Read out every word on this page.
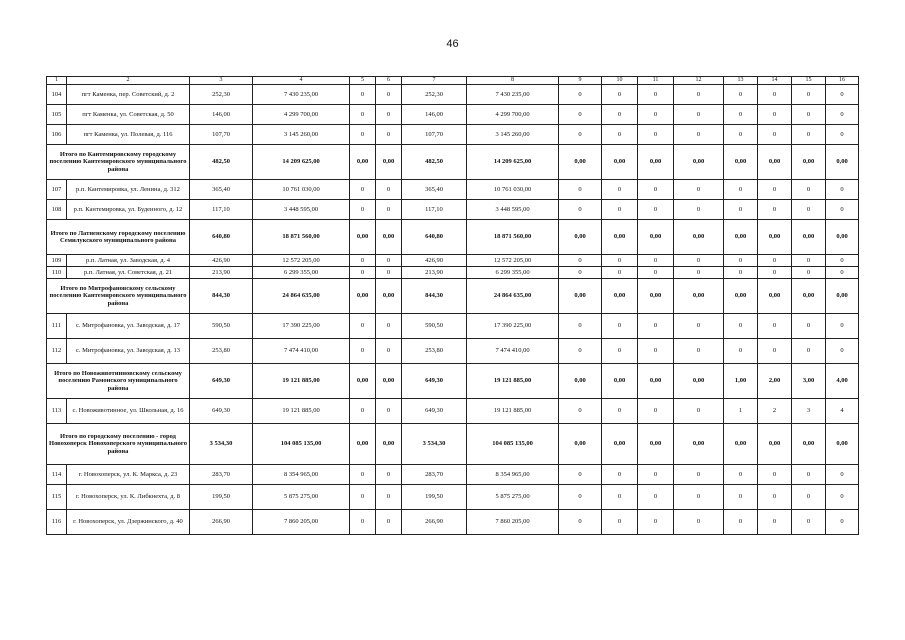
46
1	2	3	4	5	6	7	8	9	10	11	12	13	14	15	16
104	пгт Каменка, пер. Советский, д. 2	252,30	7 430 235,00	0	0	252,30	7 430 235,00	0	0	0	0	0	0	0	0
105	пгт Каменка, ул. Советская, д. 50	146,00	4 299 700,00	0	0	146,00	4 299 700,00	0	0	0	0	0	0	0	0
106	пгт Каменка, ул. Полевая, д. 116	107,70	3 145 260,00	0	0	107,70	3 145 260,00	0	0	0	0	0	0	0	0
Итого по Кантемировскому городскому поселению Кантемировского муниципального района		482,50	14 209 625,00	0,00	0,00	482,50	14 209 625,00	0,00	0,00	0,00	0,00	0,00	0,00	0,00	0,00
107	р.п. Кантемировка, ул. Ленина, д. 312	365,40	10 761 030,00	0	0	365,40	10 761 030,00	0	0	0	0	0	0	0	0
108	р.п. Кантемировка, ул. Буденного, д. 12	117,10	3 448 595,00	0	0	117,10	3 448 595,00	0	0	0	0	0	0	0	0
Итого по Латненскому городскому поселению Семилукского муниципального района		640,80	18 871 560,00	0,00	0,00	640,80	18 871 560,00	0,00	0,00	0,00	0,00	0,00	0,00	0,00	0,00
109	р.п. Латная, ул. Заводская, д. 4	426,90	12 572 205,00	0	0	426,90	12 572 205,00	0	0	0	0	0	0	0	0
110	р.п. Латная, ул. Советская, д. 21	213,90	6 299 355,00	0	0	213,90	6 299 355,00	0	0	0	0	0	0	0	0
Итого по Митрофановскому сельскому поселению Кантемировского муниципального района		844,30	24 864 635,00	0,00	0,00	844,30	24 864 635,00	0,00	0,00	0,00	0,00	0,00	0,00	0,00	0,00
111	с. Митрофановка, ул. Заводская, д. 17	590,50	17 390 225,00	0	0	590,50	17 390 225,00	0	0	0	0	0	0	0	0
112	с. Митрофановка, ул. Заводская, д. 13	253,80	7 474 410,00	0	0	253,80	7 474 410,00	0	0	0	0	0	0	0	0
Итого по Новоживотинновскому сельскому поселению Рамонского муниципального района		649,30	19 121 885,00	0,00	0,00	649,30	19 121 885,00	0,00	0,00	0,00	0,00	1,00	2,00	3,00	4,00
113	с. Новоживотинное, ул. Школьная, д. 16	649,30	19 121 885,00	0	0	649,30	19 121 885,00	0	0	0	0	1	2	3	4
Итого по городскому поселению - город Новохоперск Новохоперского муниципального района		3 534,30	104 085 135,00	0,00	0,00	3 534,30	104 085 135,00	0,00	0,00	0,00	0,00	0,00	0,00	0,00	0,00
114	г. Новохоперск, ул. К. Маркса, д. 23	283,70	8 354 965,00	0	0	283,70	8 354 965,00	0	0	0	0	0	0	0	0
115	г. Новохоперск, ул. К. Либкнехта, д. 8	199,50	5 875 275,00	0	0	199,50	5 875 275,00	0	0	0	0	0	0	0	0
116	г. Новохоперск, ул. Дзержинского, д. 40	266,90	7 860 205,00	0	0	266,90	7 860 205,00	0	0	0	0	0	0	0	0
